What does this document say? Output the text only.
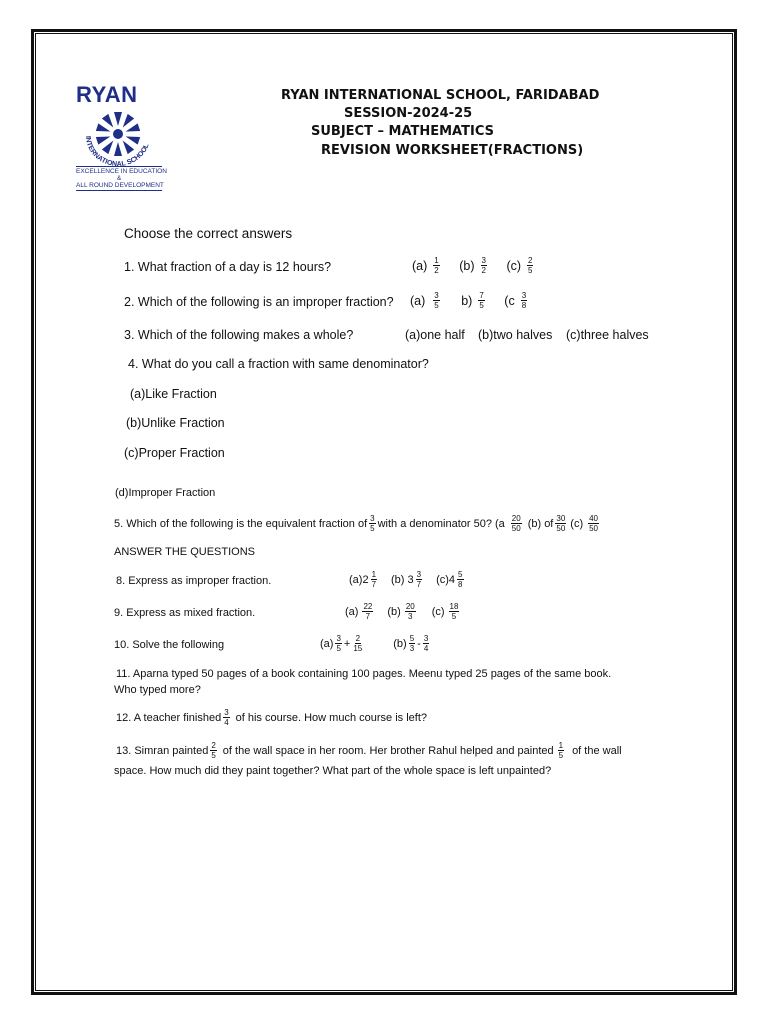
RYAN
INTERNATIONAL SCHOOL
EXCELLENCE IN EDUCATION
&
ALL ROUND DEVELOPMENT
RYAN INTERNATIONAL SCHOOL, FARIDABAD
SESSION-2024-25
SUBJECT – MATHEMATICS
REVISION WORKSHEET(FRACTIONS)
Choose the correct answers
1. What fraction of a day is 12 hours?	$(a) \frac{1}{2}$
$(b) \frac{3}{2}$
$(c) \frac{2}{5}$
2. Which of the following is an improper fraction? $(a) \frac{3}{5}$
$b) \frac{7}{5}$
($c \frac{3}{8}$
3. Which of the following makes a whole?	(a)one half (b)two halves (c)three halves
4. What do you call a fraction with same denominator?
(a)Like Fraction
(b)Unlike Fraction
(c)Proper Fraction
(d)Improper Fraction
5. Which of the following is the equivalent fraction of $\frac{3}{5}$ with a denominator 50? ($a \frac{20}{50} (b)$ of $\frac{30}{50} (c) \frac{40}{50}$
ANSWER THE QUESTIONS
8. Express as improper fraction.	$(a)2 \frac{1}{7} (b)$ $3 \frac{3}{7} (c)4 \frac{5}{8}$
9. Express as mixed fraction.	$(a) \frac{22}{7} (b) \frac{20}{3} (c) \frac{18}{5}$
10. Solve the following	$(a) \frac{3}{5} + \frac{2}{15}$	$(b) \frac{5}{3} - \frac{3}{4}$
11. Aparna typed 50 pages of a book containing 100 pages. Meenu typed 25 pages of the same book.
Who typed more?
12. A teacher finished $\frac{3}{4}$ of his course. How much course is left?
13. Simran painted $\frac{2}{5}$ of the wall space in her room. Her brother Rahul helped and painted $\frac{1}{5}$ of the wall
space. How much did they paint together? What part of the whole space is left unpainted?
